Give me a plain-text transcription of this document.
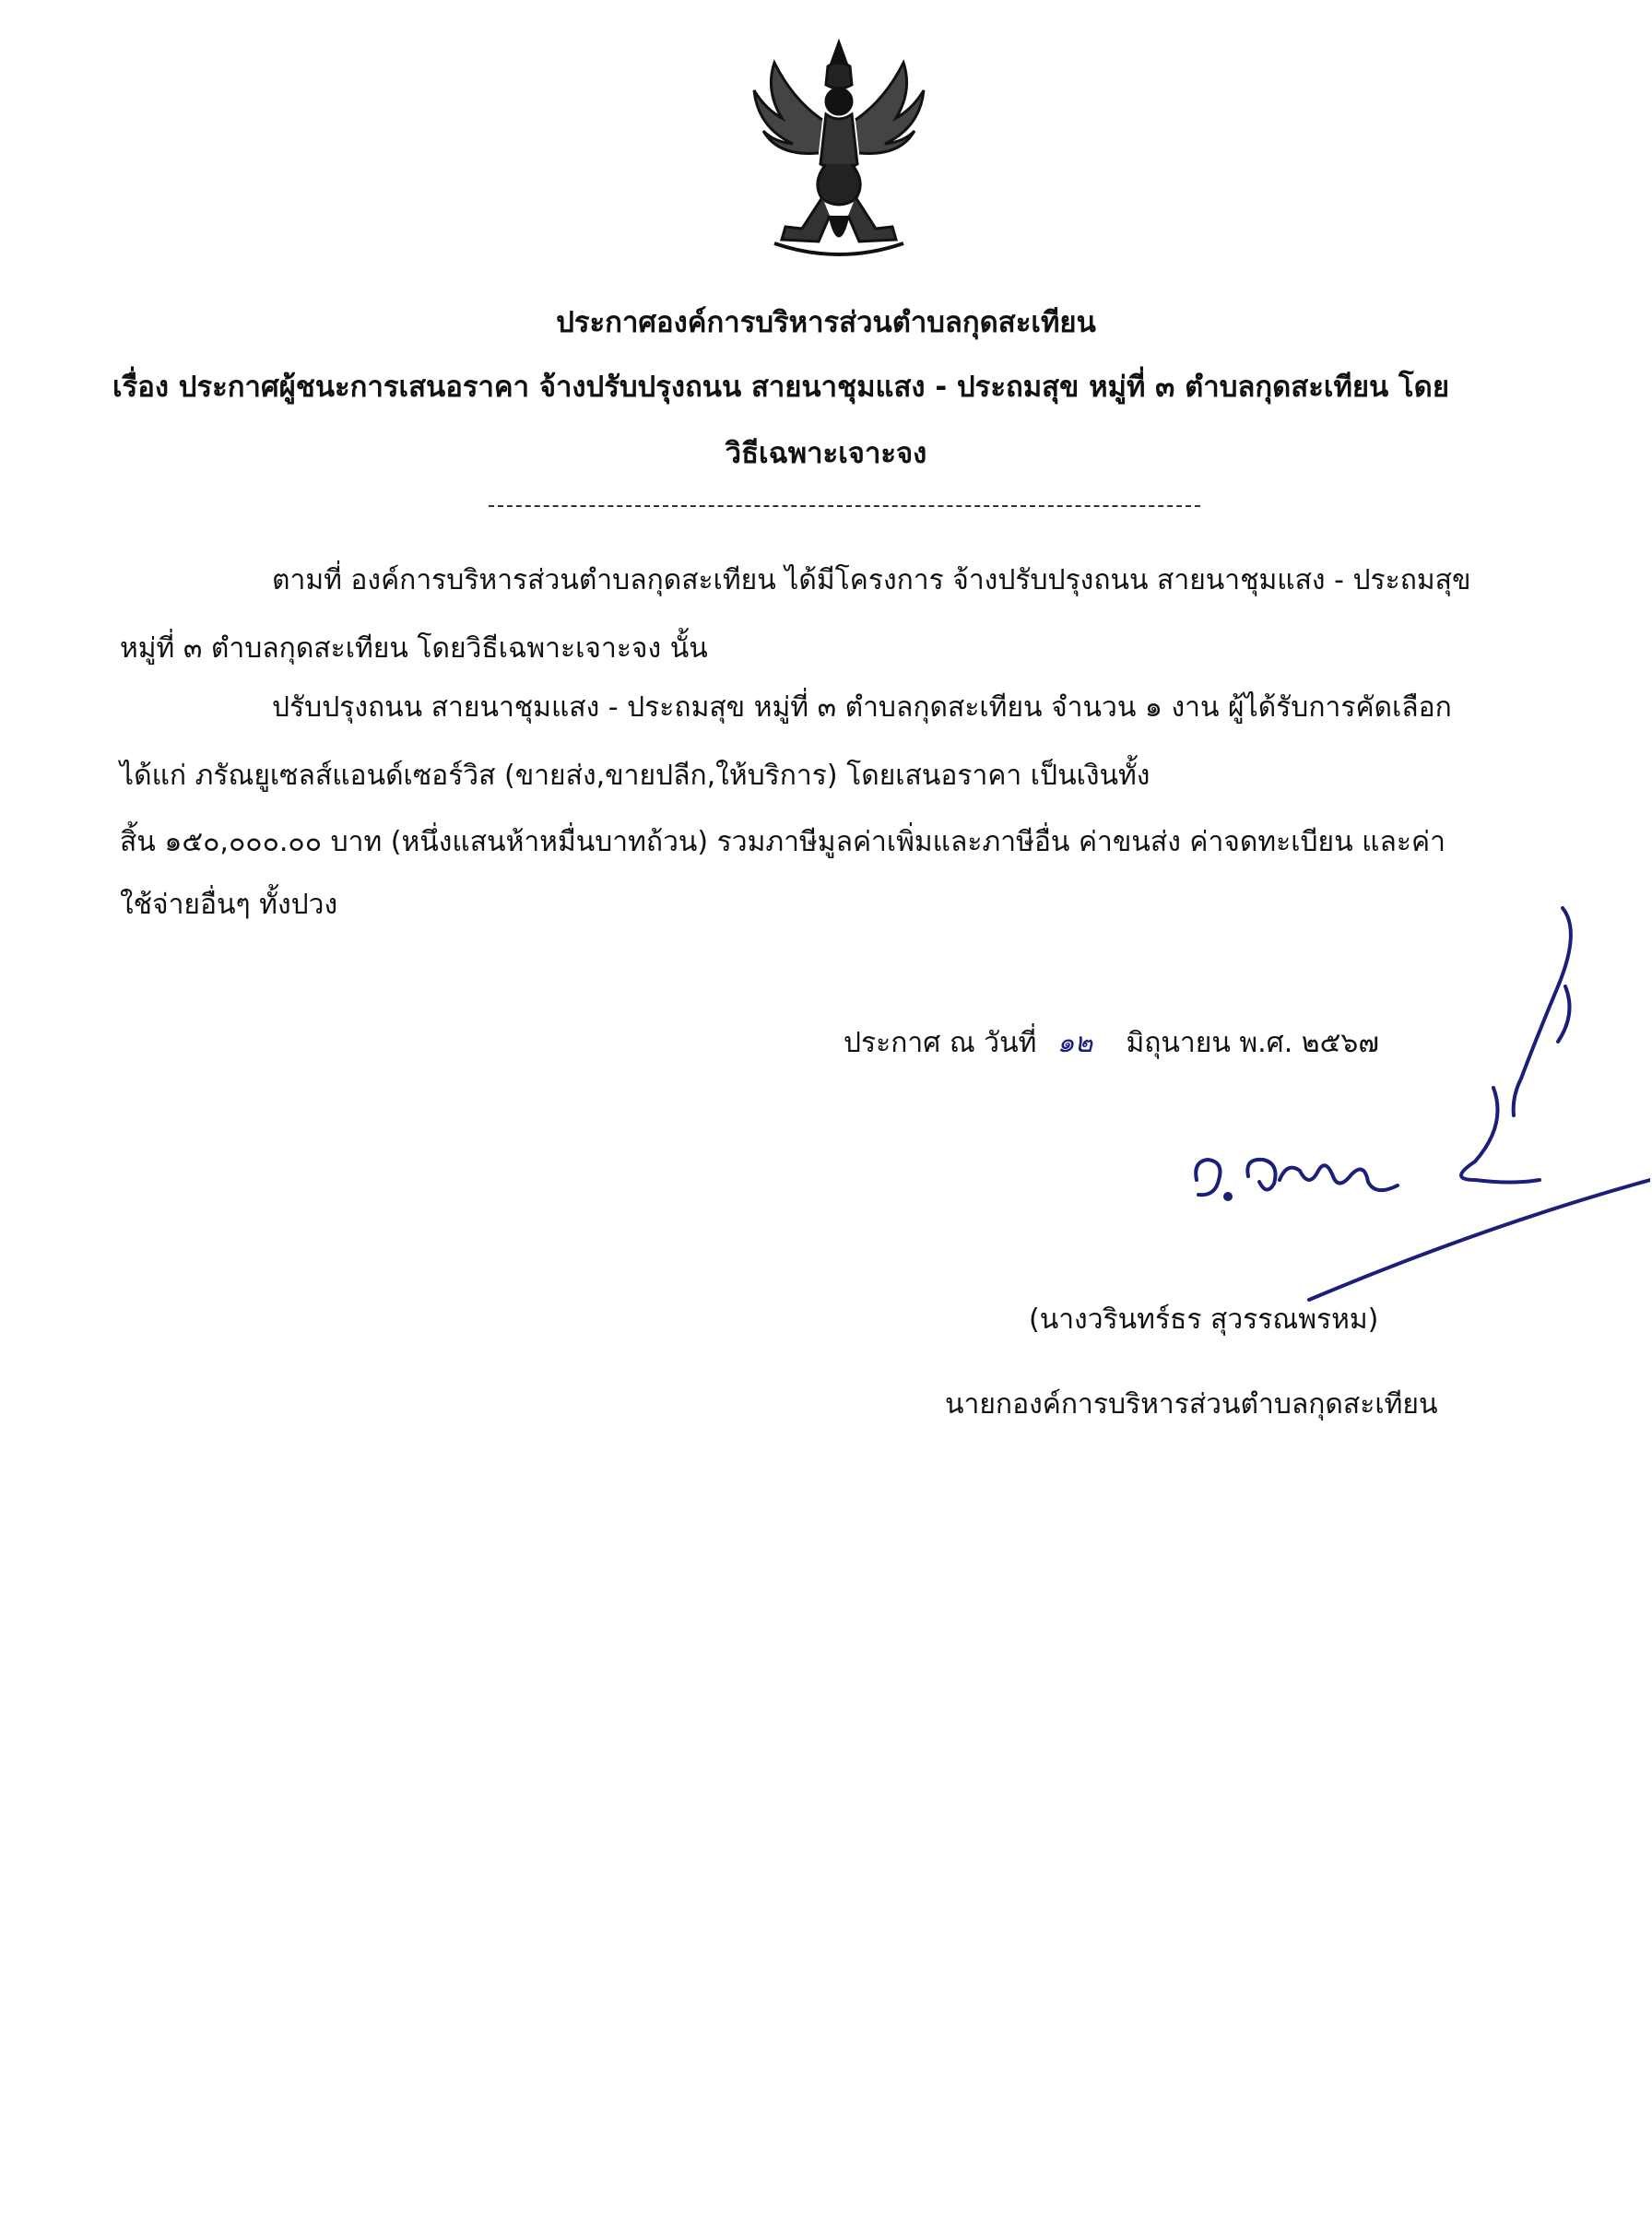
ประกาศองค์การบริหารส่วนตำบลกุดสะเทียน
เรื่อง ประกาศผู้ชนะการเสนอราคา จ้างปรับปรุงถนน สายนาชุมแสง - ประถมสุข หมู่ที่ ๓ ตำบลกุดสะเทียน โดย
วิธีเฉพาะเจาะจง
ตามที่ องค์การบริหารส่วนตำบลกุดสะเทียน ได้มีโครงการ จ้างปรับปรุงถนน สายนาชุมแสง - ประถมสุข
หมู่ที่ ๓ ตำบลกุดสะเทียน โดยวิธีเฉพาะเจาะจง นั้น
ปรับปรุงถนน สายนาชุมแสง - ประถมสุข หมู่ที่ ๓ ตำบลกุดสะเทียน จำนวน ๑ งาน ผู้ได้รับการคัดเลือก
ได้แก่ ภรัณยูเซลส์แอนด์เซอร์วิส (ขายส่ง,ขายปลีก,ให้บริการ) โดยเสนอราคา เป็นเงินทั้ง
สิ้น ๑๕๐,๐๐๐.๐๐ บาท (หนึ่งแสนห้าหมื่นบาทถ้วน) รวมภาษีมูลค่าเพิ่มและภาษีอื่น ค่าขนส่ง ค่าจดทะเบียน และค่า
ใช้จ่ายอื่นๆ ทั้งปวง
ประกาศ ณ วันที่ ๑๒ มิถุนายน พ.ศ. ๒๕๖๗
(นางวรินทร์ธร สุวรรณพรหม)
นายกองค์การบริหารส่วนตำบลกุดสะเทียน
